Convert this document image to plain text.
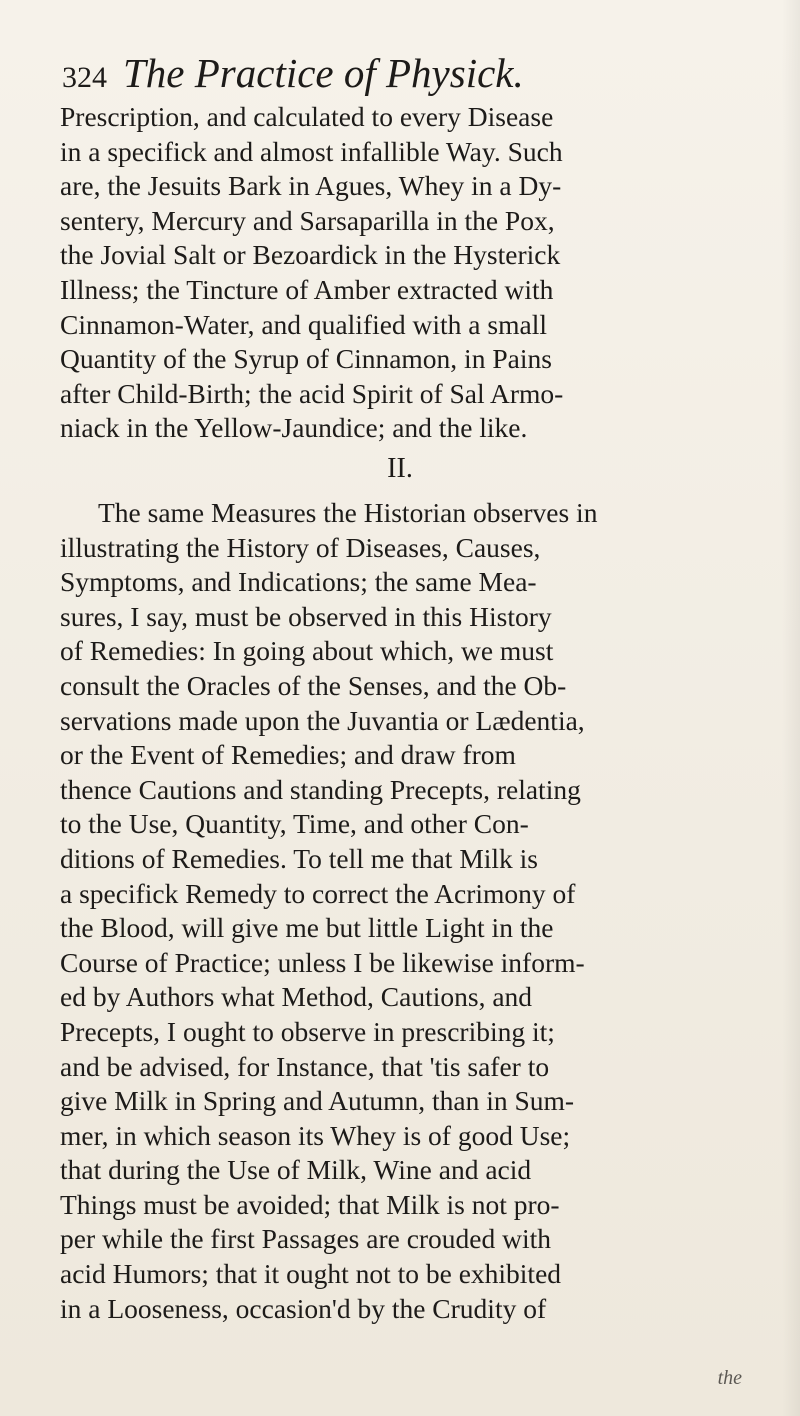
324 The Practice of Physick.
Prescription, and calculated to every Disease
in a specifick and almost infallible Way. Such
are, the Jesuits Bark in Agues, Whey in a Dy-
sentery, Mercury and Sarsaparilla in the Pox,
the Jovial Salt or Bezoardick in the Hysterick
Illness; the Tincture of Amber extracted with
Cinnamon-Water, and qualified with a small
Quantity of the Syrup of Cinnamon, in Pains
after Child-Birth; the acid Spirit of Sal Armo-
niack in the Yellow-Jaundice; and the like.
II.
The same Measures the Historian observes in
illustrating the History of Diseases, Causes,
Symptoms, and Indications; the same Mea-
sures, I say, must be observed in this History
of Remedies: In going about which, we must
consult the Oracles of the Senses, and the Ob-
servations made upon the Juvantia or Lædentia,
or the Event of Remedies; and draw from
thence Cautions and standing Precepts, relating
to the Use, Quantity, Time, and other Con-
ditions of Remedies. To tell me that Milk is
a specifick Remedy to correct the Acrimony of
the Blood, will give me but little Light in the
Course of Practice; unless I be likewise inform-
ed by Authors what Method, Cautions, and
Precepts, I ought to observe in prescribing it;
and be advised, for Instance, that 'tis safer to
give Milk in Spring and Autumn, than in Sum-
mer, in which season its Whey is of good Use;
that during the Use of Milk, Wine and acid
Things must be avoided; that Milk is not pro-
per while the first Passages are crouded with
acid Humors; that it ought not to be exhibited
in a Looseness, occasion'd by the Crudity of
the
